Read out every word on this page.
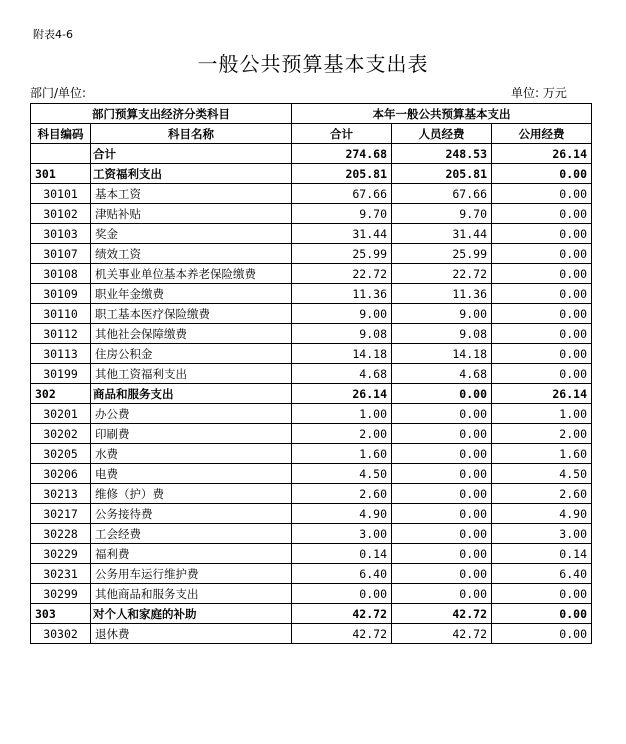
附表4-6
一般公共预算基本支出表
部门/单位:	单位: 万元
部门预算支出经济分类科目		本年一般公共预算基本支出		
科目编码	科目名称	合计	人员经费	公用经费
	合计	274.68	248.53	26.14
301	工资福利支出	205.81	205.81	0.00
30101	基本工资	67.66	67.66	0.00
30102	津贴补贴	9.70	9.70	0.00
30103	奖金	31.44	31.44	0.00
30107	绩效工资	25.99	25.99	0.00
30108	机关事业单位基本养老保险缴费	22.72	22.72	0.00
30109	职业年金缴费	11.36	11.36	0.00
30110	职工基本医疗保险缴费	9.00	9.00	0.00
30112	其他社会保障缴费	9.08	9.08	0.00
30113	住房公积金	14.18	14.18	0.00
30199	其他工资福利支出	4.68	4.68	0.00
302	商品和服务支出	26.14	0.00	26.14
30201	办公费	1.00	0.00	1.00
30202	印刷费	2.00	0.00	2.00
30205	水费	1.60	0.00	1.60
30206	电费	4.50	0.00	4.50
30213	维修（护）费	2.60	0.00	2.60
30217	公务接待费	4.90	0.00	4.90
30228	工会经费	3.00	0.00	3.00
30229	福利费	0.14	0.00	0.14
30231	公务用车运行维护费	6.40	0.00	6.40
30299	其他商品和服务支出	0.00	0.00	0.00
303	对个人和家庭的补助	42.72	42.72	0.00
30302	退休费	42.72	42.72	0.00
